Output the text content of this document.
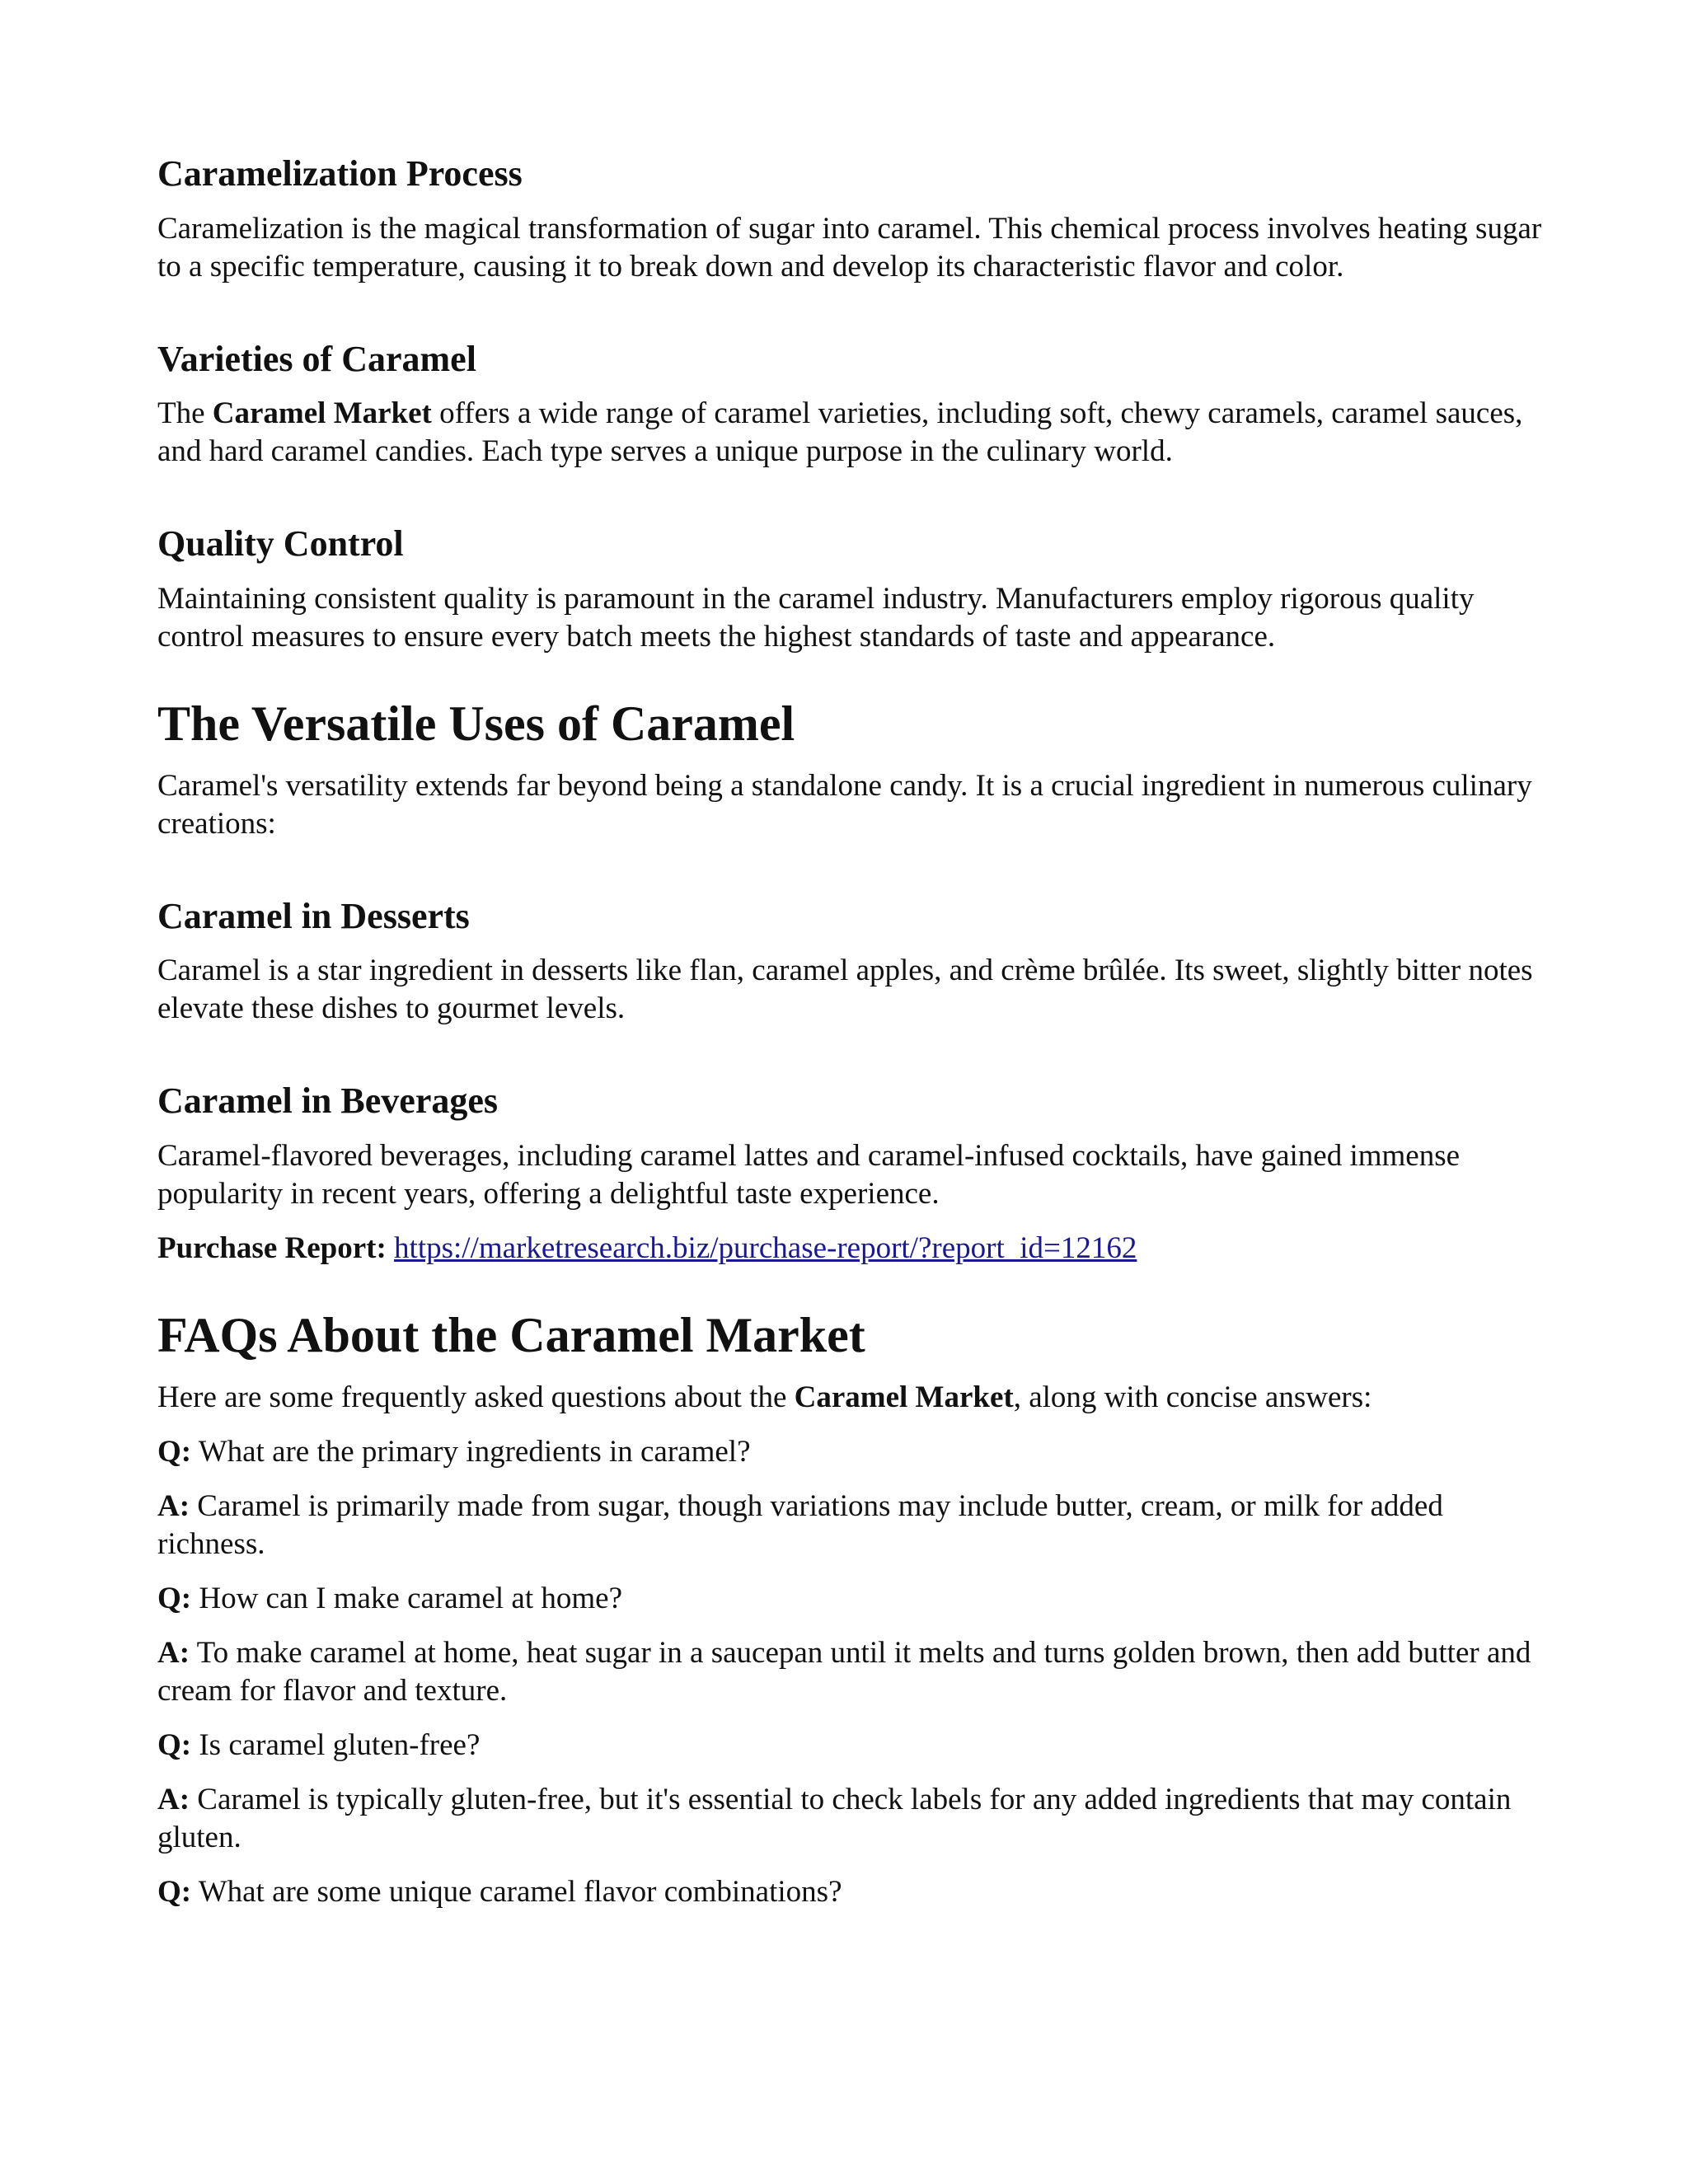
Caramelization Process

Caramelization is the magical transformation of sugar into caramel. This chemical process involves heating sugar to a specific temperature, causing it to break down and develop its characteristic flavor and color.

Varieties of Caramel

The Caramel Market offers a wide range of caramel varieties, including soft, chewy caramels, caramel sauces, and hard caramel candies. Each type serves a unique purpose in the culinary world.

Quality Control

Maintaining consistent quality is paramount in the caramel industry. Manufacturers employ rigorous quality control measures to ensure every batch meets the highest standards of taste and appearance.

The Versatile Uses of Caramel

Caramel's versatility extends far beyond being a standalone candy. It is a crucial ingredient in numerous culinary creations:

Caramel in Desserts

Caramel is a star ingredient in desserts like flan, caramel apples, and crème brûlée. Its sweet, slightly bitter notes elevate these dishes to gourmet levels.

Caramel in Beverages

Caramel-flavored beverages, including caramel lattes and caramel-infused cocktails, have gained immense popularity in recent years, offering a delightful taste experience.

Purchase Report: https://marketresearch.biz/purchase-report/?report_id=12162

FAQs About the Caramel Market

Here are some frequently asked questions about the Caramel Market, along with concise answers:

Q: What are the primary ingredients in caramel?

A: Caramel is primarily made from sugar, though variations may include butter, cream, or milk for added richness.

Q: How can I make caramel at home?

A: To make caramel at home, heat sugar in a saucepan until it melts and turns golden brown, then add butter and cream for flavor and texture.

Q: Is caramel gluten-free?

A: Caramel is typically gluten-free, but it's essential to check labels for any added ingredients that may contain gluten.

Q: What are some unique caramel flavor combinations?
